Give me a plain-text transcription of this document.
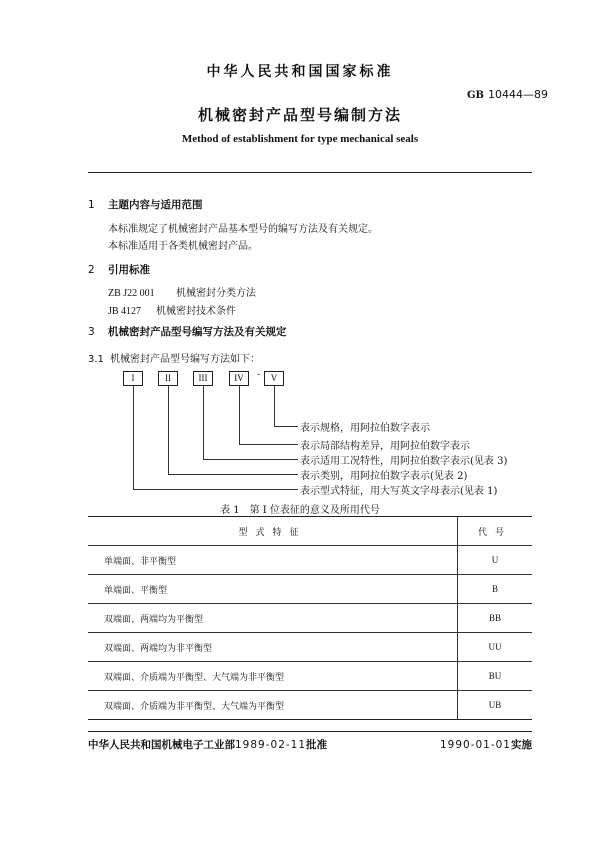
中华人民共和国国家标准
GB 10444—89
机械密封产品型号编制方法
Method of establishment for type mechanical seals
1 主题内容与适用范围
本标准规定了机械密封产品基本型号的编写方法及有关规定。
本标准适用于各类机械密封产品。
2 引用标准
ZB J22 001 机械密封分类方法
JB 4127 机械密封技术条件
3 机械密封产品型号编写方法及有关规定
3.1 机械密封产品型号编写方法如下：
I	II	III	IV	-	V
表示规格，用阿拉伯数字表示
表示局部结构差异，用阿拉伯数字表示
表示适用工况特性，用阿拉伯数字表示(见表 3)
表示类别，用阿拉伯数字表示(见表 2)
表示型式特征，用大写英文字母表示(见表 1)
表 1　第 I 位表征的意义及所用代号
型式特征	代号
单端面、非平衡型	U
单端面、平衡型	B
双端面、两端均为平衡型	BB
双端面、两端均为非平衡型	UU
双端面、介质端为平衡型、大气端为非平衡型	BU
双端面、介质端为非平衡型、大气端为平衡型	UB
中华人民共和国机械电子工业部1989-02-11批准	1990-01-01实施
